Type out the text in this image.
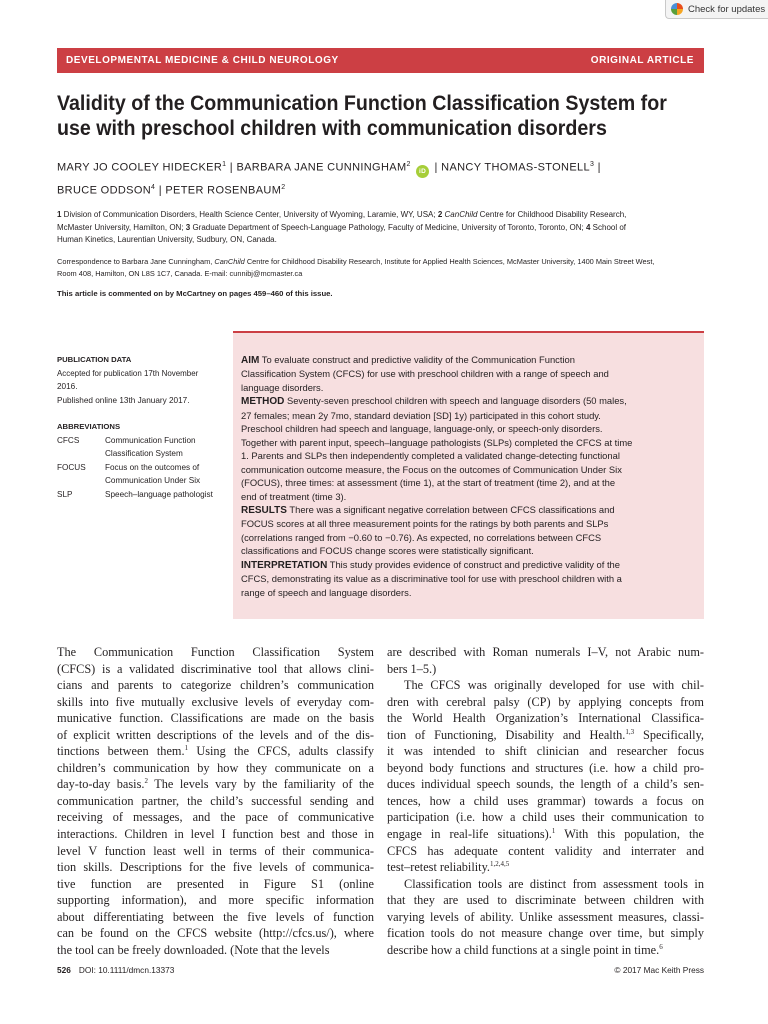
Check for updates
DEVELOPMENTAL MEDICINE & CHILD NEUROLOGY	ORIGINAL ARTICLE
Validity of the Communication Function Classification System for
use with preschool children with communication disorders
MARY JO COOLEY HIDECKER$^1$ | BARBARA JANE CUNNINGHAM$^2$ iD | NANCY THOMAS-STONELL$^3$ |
BRUCE ODDSON$^4$ | PETER ROSENBAUM$^2$
1 Division of Communication Disorders, Health Science Center, University of Wyoming, Laramie, WY, USA; 2 CanChild Centre for Childhood Disability Research,
McMaster University, Hamilton, ON; 3 Graduate Department of Speech-Language Pathology, Faculty of Medicine, University of Toronto, Toronto, ON; 4 School of
Human Kinetics, Laurentian University, Sudbury, ON, Canada.
Correspondence to Barbara Jane Cunningham, CanChild Centre for Childhood Disability Research, Institute for Applied Health Sciences, McMaster University, 1400 Main Street West,
Room 408, Hamilton, ON L8S 1C7, Canada. E-mail: cunnibj@mcmaster.ca
This article is commented on by McCartney on pages 459–460 of this issue.
PUBLICATION DATA
Accepted for publication 17th November
2016.
Published online 13th January 2017.
ABBREVIATIONS
CFCS	Communication Function
Classification System
FOCUS	Focus on the outcomes of
Communication Under Six
SLP	Speech–language pathologist

AIM To evaluate construct and predictive validity of the Communication Function

Classification System (CFCS) for use with preschool children with a range of speech and

language disorders.

METHOD Seventy-seven preschool children with speech and language disorders (50 males,

27 females; mean 2y 7mo, standard deviation [SD] 1y) participated in this cohort study.

Preschool children had speech and language, language-only, or speech-only disorders.

Together with parent input, speech–language pathologists (SLPs) completed the CFCS at time

1. Parents and SLPs then independently completed a validated change-detecting functional

communication outcome measure, the Focus on the outcomes of Communication Under Six

(FOCUS), three times: at assessment (time 1), at the start of treatment (time 2), and at the

end of treatment (time 3).

RESULTS There was a significant negative correlation between CFCS classifications and

FOCUS scores at all three measurement points for the ratings by both parents and SLPs

(correlations ranged from −0.60 to −0.76). As expected, no correlations between CFCS

classifications and FOCUS change scores were statistically significant.

INTERPRETATION This study provides evidence of construct and predictive validity of the

CFCS, demonstrating its value as a discriminative tool for use with preschool children with a

range of speech and language disorders.

The Communication Function Classification System

(CFCS) is a validated discriminative tool that allows clini-

cians and parents to categorize children’s communication

skills into five mutually exclusive levels of everyday com-

municative function. Classifications are made on the basis

of explicit written descriptions of the levels and of the dis-

tinctions between them.$^1$ Using the CFCS, adults classify

children’s communication by how they communicate on a

day-to-day basis.$^2$ The levels vary by the familiarity of the

communication partner, the child’s successful sending and

receiving of messages, and the pace of communicative

interactions. Children in level I function best and those in

level V function least well in terms of their communica-

tion skills. Descriptions for the five levels of communica-

tive function are presented in Figure S1 (online

supporting information), and more specific information

about differentiating between the five levels of function

can be found on the CFCS website (http://cfcs.us/), where

the tool can be freely downloaded. (Note that the levels

are described with Roman numerals I–V, not Arabic num-

bers 1–5.)

The CFCS was originally developed for use with chil-

dren with cerebral palsy (CP) by applying concepts from

the World Health Organization’s International Classifica-

tion of Functioning, Disability and Health.$^{1,3}$ Specifically,

it was intended to shift clinician and researcher focus

beyond body functions and structures (i.e. how a child pro-

duces individual speech sounds, the length of a child’s sen-

tences, how a child uses grammar) towards a focus on

participation (i.e. how a child uses their communication to

engage in real-life situations).$^1$ With this population, the

CFCS has adequate content validity and interrater and

test–retest reliability.$^{1,2,4,5}$

Classification tools are distinct from assessment tools in

that they are used to discriminate between children with

varying levels of ability. Unlike assessment measures, classi-

fication tools do not measure change over time, but simply

describe how a child functions at a single point in time.$^6$

526 DOI: 10.1111/dmcn.13373	© 2017 Mac Keith Press
